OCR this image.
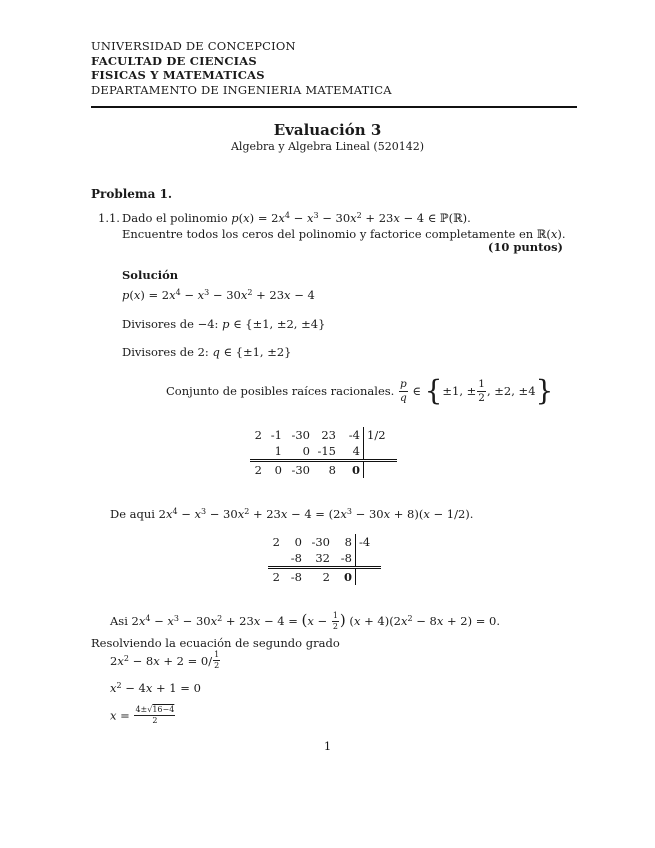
UNIVERSIDAD DE CONCEPCION
FACULTAD DE CIENCIAS
FISICAS Y MATEMATICAS
DEPARTAMENTO DE INGENIERIA MATEMATICA
Evaluación 3
Algebra y Algebra Lineal (520142)
Problema 1.
1.1. Dado el polinomio $p(x) = 2x^4 - x^3 - 30x^2 + 23x - 4$ ∈ ℙ(ℝ).
Encuentre todos los ceros del polinomio y factorice completamente en ℝ(x).
(10 puntos)
Solución
$p(x) = 2x^4 - x^3 - 30x^2 + 23x - 4$
Divisores de −4: p ∈ {±1, ±2, ±4}
Divisores de 2: q ∈ {±1, ±2}
Conjunto de posibles raíces racionales. $\frac{p}{q}$ ∈ {±1, ± $\frac{1}{2}$ , ±2, ±4}
2	-1	-30	23	-4	1/2
	1	0	-15	4	
2	0	-30	8	0	
De aqui $2x^4 - x^3 - 30x^2 + 23x - 4 = (2x^3 - 30x + 8)(x - 1/2)$.
2	0	-30	8	-4
	-8	32	-8	
2	-8	2	0	
Asi $2x^4 - x^3 - 30x^2 + 23x - 4 = (x - \frac{1}{2}$ ) $(x + 4)(2x^2 - 8x + 2) = 0$.
Resolviendo la ecuación de segundo grado
$2x^2 - 8x + 2 = 0/ \frac{1}{2}$
$x^2 - 4x + 1 = 0$
$x = \frac{4\pm√16-4}{2}$
1
